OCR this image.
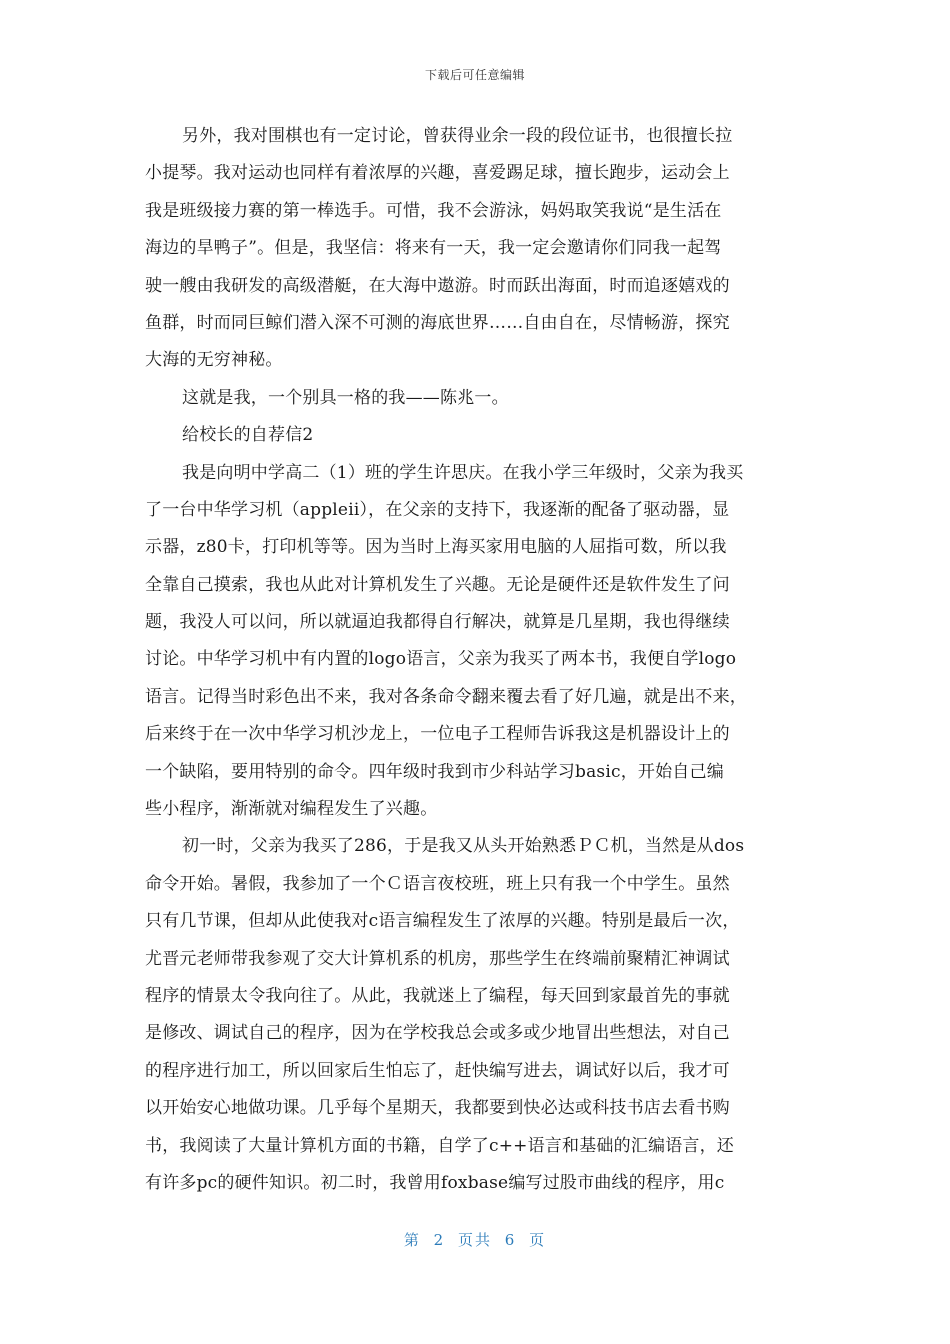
下载后可任意编辑
另外，我对围棋也有一定讨论，曾获得业余一段的段位证书，也很擅长拉
小提琴。我对运动也同样有着浓厚的兴趣，喜爱踢足球，擅长跑步，运动会上
我是班级接力赛的第一棒选手。可惜，我不会游泳，妈妈取笑我说“是生活在
海边的旱鸭子”。但是，我坚信：将来有一天，我一定会邀请你们同我一起驾
驶一艘由我研发的高级潜艇，在大海中遨游。时而跃出海面，时而追逐嬉戏的
鱼群，时而同巨鲸们潜入深不可测的海底世界……自由自在，尽情畅游，探究
大海的无穷神秘。
这就是我，一个别具一格的我——陈兆一。
给校长的自荐信2
我是向明中学高二（1）班的学生许思庆。在我小学三年级时，父亲为我买
了一台中华学习机（appleii），在父亲的支持下，我逐渐的配备了驱动器，显
示器，z80卡，打印机等等。因为当时上海买家用电脑的人屈指可数，所以我
全靠自己摸索，我也从此对计算机发生了兴趣。无论是硬件还是软件发生了问
题，我没人可以问，所以就逼迫我都得自行解决，就算是几星期，我也得继续
讨论。中华学习机中有内置的logo语言，父亲为我买了两本书，我便自学logo
语言。记得当时彩色出不来，我对各条命令翻来覆去看了好几遍，就是出不来，
后来终于在一次中华学习机沙龙上，一位电子工程师告诉我这是机器设计上的
一个缺陷，要用特别的命令。四年级时我到市少科站学习basic，开始自己编
些小程序，渐渐就对编程发生了兴趣。
初一时，父亲为我买了286，于是我又从头开始熟悉ＰＣ机，当然是从dos
命令开始。暑假，我参加了一个Ｃ语言夜校班，班上只有我一个中学生。虽然
只有几节课，但却从此使我对c语言编程发生了浓厚的兴趣。特别是最后一次，
尤晋元老师带我参观了交大计算机系的机房，那些学生在终端前聚精汇神调试
程序的情景太令我向往了。从此，我就迷上了编程，每天回到家最首先的事就
是修改、调试自己的程序，因为在学校我总会或多或少地冒出些想法，对自己
的程序进行加工，所以回家后生怕忘了，赶快编写进去，调试好以后，我才可
以开始安心地做功课。几乎每个星期天，我都要到快必达或科技书店去看书购
书，我阅读了大量计算机方面的书籍，自学了c++语言和基础的汇编语言，还
有许多pc的硬件知识。初二时，我曾用foxbase编写过股市曲线的程序，用c
第 2 页共 6 页
